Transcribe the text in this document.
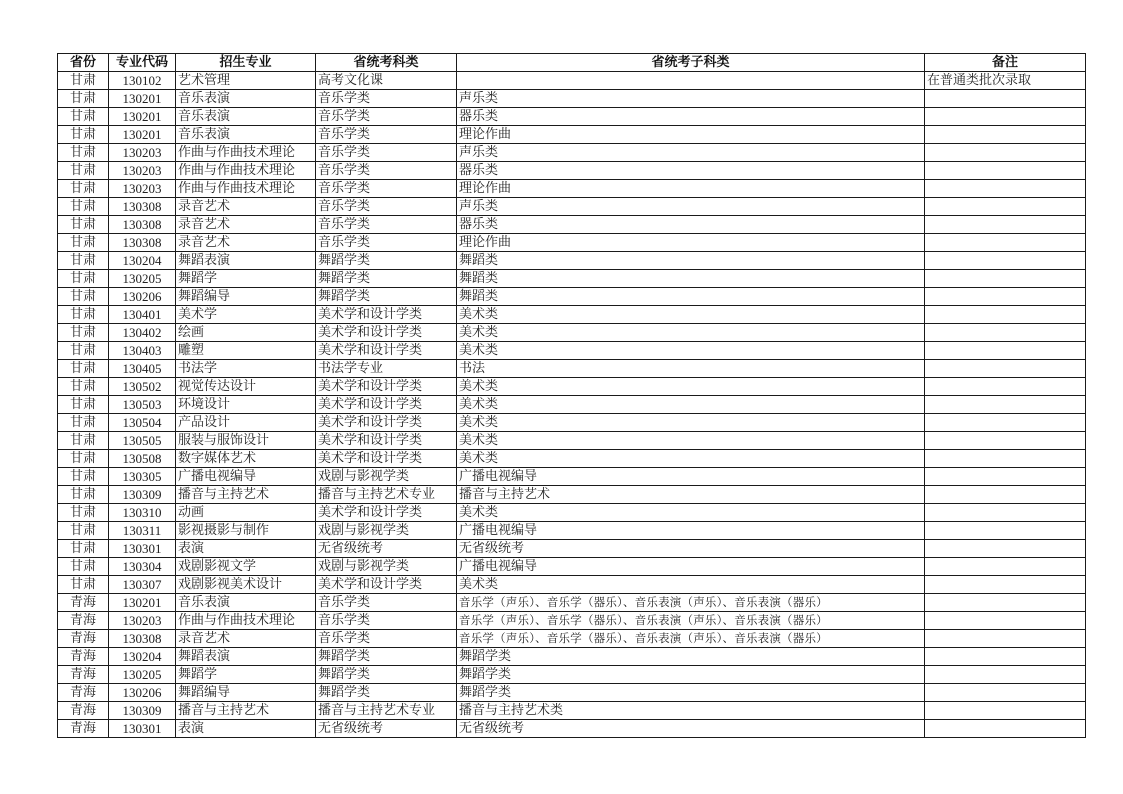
省份	专业代码	招生专业	省统考科类	省统考子科类	备注
甘肃	130102	艺术管理	高考文化课		在普通类批次录取
甘肃	130201	音乐表演	音乐学类	声乐类	
甘肃	130201	音乐表演	音乐学类	器乐类	
甘肃	130201	音乐表演	音乐学类	理论作曲	
甘肃	130203	作曲与作曲技术理论	音乐学类	声乐类	
甘肃	130203	作曲与作曲技术理论	音乐学类	器乐类	
甘肃	130203	作曲与作曲技术理论	音乐学类	理论作曲	
甘肃	130308	录音艺术	音乐学类	声乐类	
甘肃	130308	录音艺术	音乐学类	器乐类	
甘肃	130308	录音艺术	音乐学类	理论作曲	
甘肃	130204	舞蹈表演	舞蹈学类	舞蹈类	
甘肃	130205	舞蹈学	舞蹈学类	舞蹈类	
甘肃	130206	舞蹈编导	舞蹈学类	舞蹈类	
甘肃	130401	美术学	美术学和设计学类	美术类	
甘肃	130402	绘画	美术学和设计学类	美术类	
甘肃	130403	雕塑	美术学和设计学类	美术类	
甘肃	130405	书法学	书法学专业	书法	
甘肃	130502	视觉传达设计	美术学和设计学类	美术类	
甘肃	130503	环境设计	美术学和设计学类	美术类	
甘肃	130504	产品设计	美术学和设计学类	美术类	
甘肃	130505	服装与服饰设计	美术学和设计学类	美术类	
甘肃	130508	数字媒体艺术	美术学和设计学类	美术类	
甘肃	130305	广播电视编导	戏剧与影视学类	广播电视编导	
甘肃	130309	播音与主持艺术	播音与主持艺术专业	播音与主持艺术	
甘肃	130310	动画	美术学和设计学类	美术类	
甘肃	130311	影视摄影与制作	戏剧与影视学类	广播电视编导	
甘肃	130301	表演	无省级统考	无省级统考	
甘肃	130304	戏剧影视文学	戏剧与影视学类	广播电视编导	
甘肃	130307	戏剧影视美术设计	美术学和设计学类	美术类	
青海	130201	音乐表演	音乐学类	音乐学（声乐）、音乐学（器乐）、音乐表演（声乐）、音乐表演（器乐）	
青海	130203	作曲与作曲技术理论	音乐学类	音乐学（声乐）、音乐学（器乐）、音乐表演（声乐）、音乐表演（器乐）	
青海	130308	录音艺术	音乐学类	音乐学（声乐）、音乐学（器乐）、音乐表演（声乐）、音乐表演（器乐）	
青海	130204	舞蹈表演	舞蹈学类	舞蹈学类	
青海	130205	舞蹈学	舞蹈学类	舞蹈学类	
青海	130206	舞蹈编导	舞蹈学类	舞蹈学类	
青海	130309	播音与主持艺术	播音与主持艺术专业	播音与主持艺术类	
青海	130301	表演	无省级统考	无省级统考	
